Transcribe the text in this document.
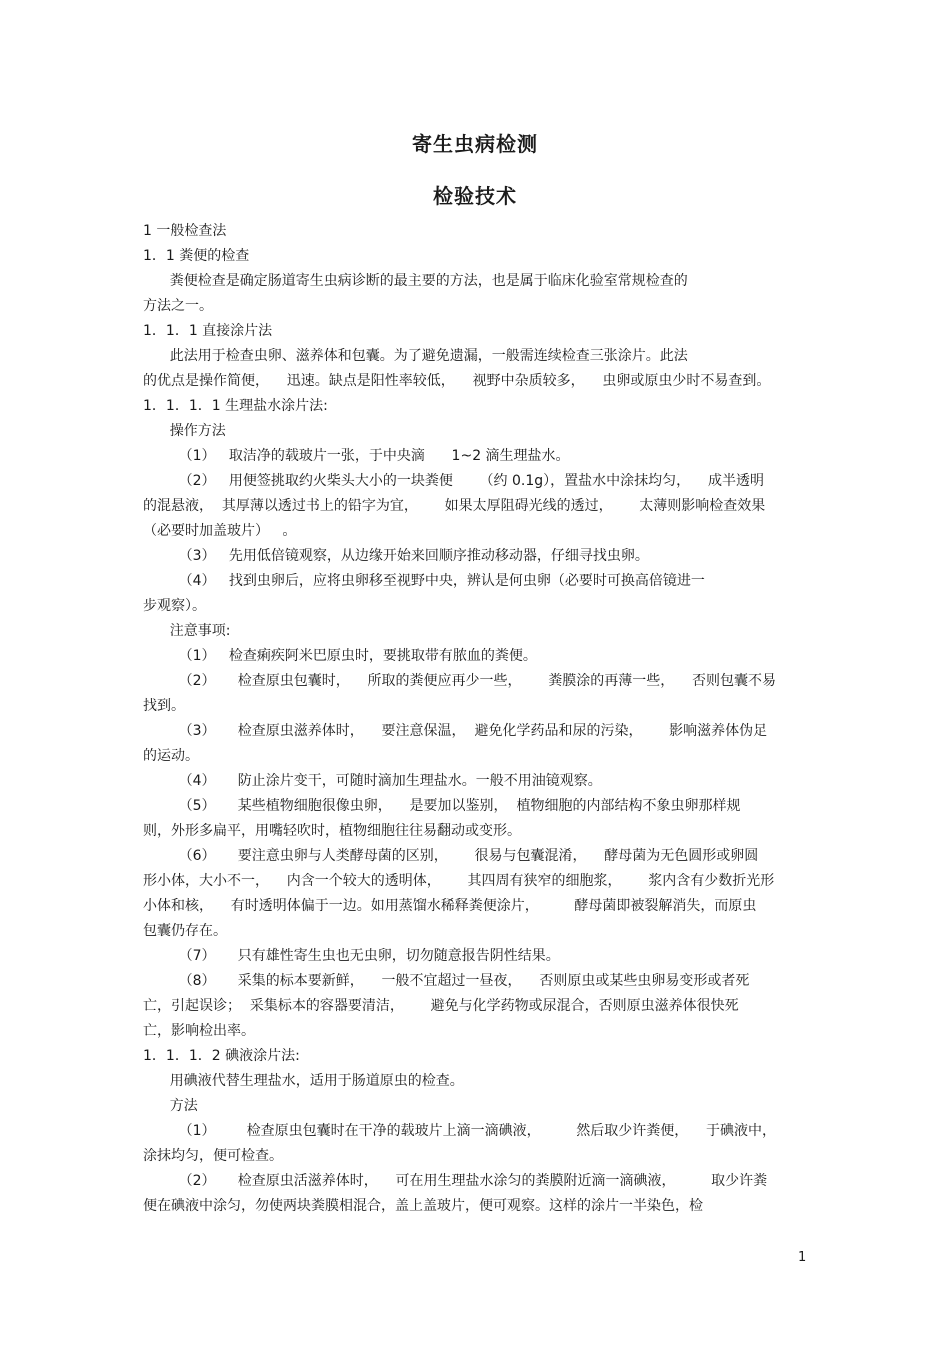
寄生虫病检测
检验技术
1 一般检查法
1．1 粪便的检查
粪便检查是确定肠道寄生虫病诊断的最主要的方法，也是属于临床化验室常规检查的
方法之一。
1．1．1 直接涂片法
此法用于检查虫卵、滋养体和包囊。为了避免遗漏，一般需连续检查三张涂片。此法
的优点是操作简便，    迅速。缺点是阳性率较低，    视野中杂质较多，    虫卵或原虫少时不易查到。
1．1．1．1 生理盐水涂片法:
操作方法
（1）   取洁净的载玻片一张，于中央滴      1~2 滴生理盐水。
（2）   用便签挑取约火柴头大小的一块粪便      （约 0.1g），置盐水中涂抹均匀，    成半透明
的混悬液，  其厚薄以透过书上的铅字为宜，      如果太厚阻碍光线的透过，      太薄则影响检查效果
（必要时加盖玻片）   。
（3）   先用低倍镜观察，从边缘开始来回顺序推动移动器，仔细寻找虫卵。
（4）   找到虫卵后，应将虫卵移至视野中央，辨认是何虫卵（必要时可换高倍镜进一
步观察）。
注意事项:
（1）   检查痢疾阿米巴原虫时，要挑取带有脓血的粪便。
（2）     检查原虫包囊时，    所取的粪便应再少一些，      粪膜涂的再薄一些，    否则包囊不易
找到。
（3）     检查原虫滋养体时，    要注意保温，  避免化学药品和尿的污染，      影响滋养体伪足
的运动。
（4）     防止涂片变干，可随时滴加生理盐水。一般不用油镜观察。
（5）     某些植物细胞很像虫卵，    是要加以鉴别，  植物细胞的内部结构不象虫卵那样规
则，外形多扁平，用嘴轻吹时，植物细胞往往易翻动或变形。
（6）     要注意虫卵与人类酵母菌的区别，      很易与包囊混淆，    酵母菌为无色圆形或卵圆
形小体，大小不一，    内含一个较大的透明体，      其四周有狭窄的细胞浆，      浆内含有少数折光形
小体和核，    有时透明体偏于一边。如用蒸馏水稀释粪便涂片，        酵母菌即被裂解消失，而原虫
包囊仍存在。
（7）     只有雄性寄生虫也无虫卵，切勿随意报告阴性结果。
（8）     采集的标本要新鲜，    一般不宜超过一昼夜，    否则原虫或某些虫卵易变形或者死
亡，引起误诊；  采集标本的容器要清洁，      避免与化学药物或尿混合，否则原虫滋养体很快死
亡，影响检出率。
1．1．1．2 碘液涂片法:
用碘液代替生理盐水，适用于肠道原虫的检查。
方法
（1）       检查原虫包囊时在干净的载玻片上滴一滴碘液，        然后取少许粪便，    于碘液中，
涂抹均匀，便可检查。
（2）     检查原虫活滋养体时，    可在用生理盐水涂匀的粪膜附近滴一滴碘液，        取少许粪
便在碘液中涂匀，勿使两块粪膜相混合，盖上盖玻片，便可观察。这样的涂片一半染色，检
1
